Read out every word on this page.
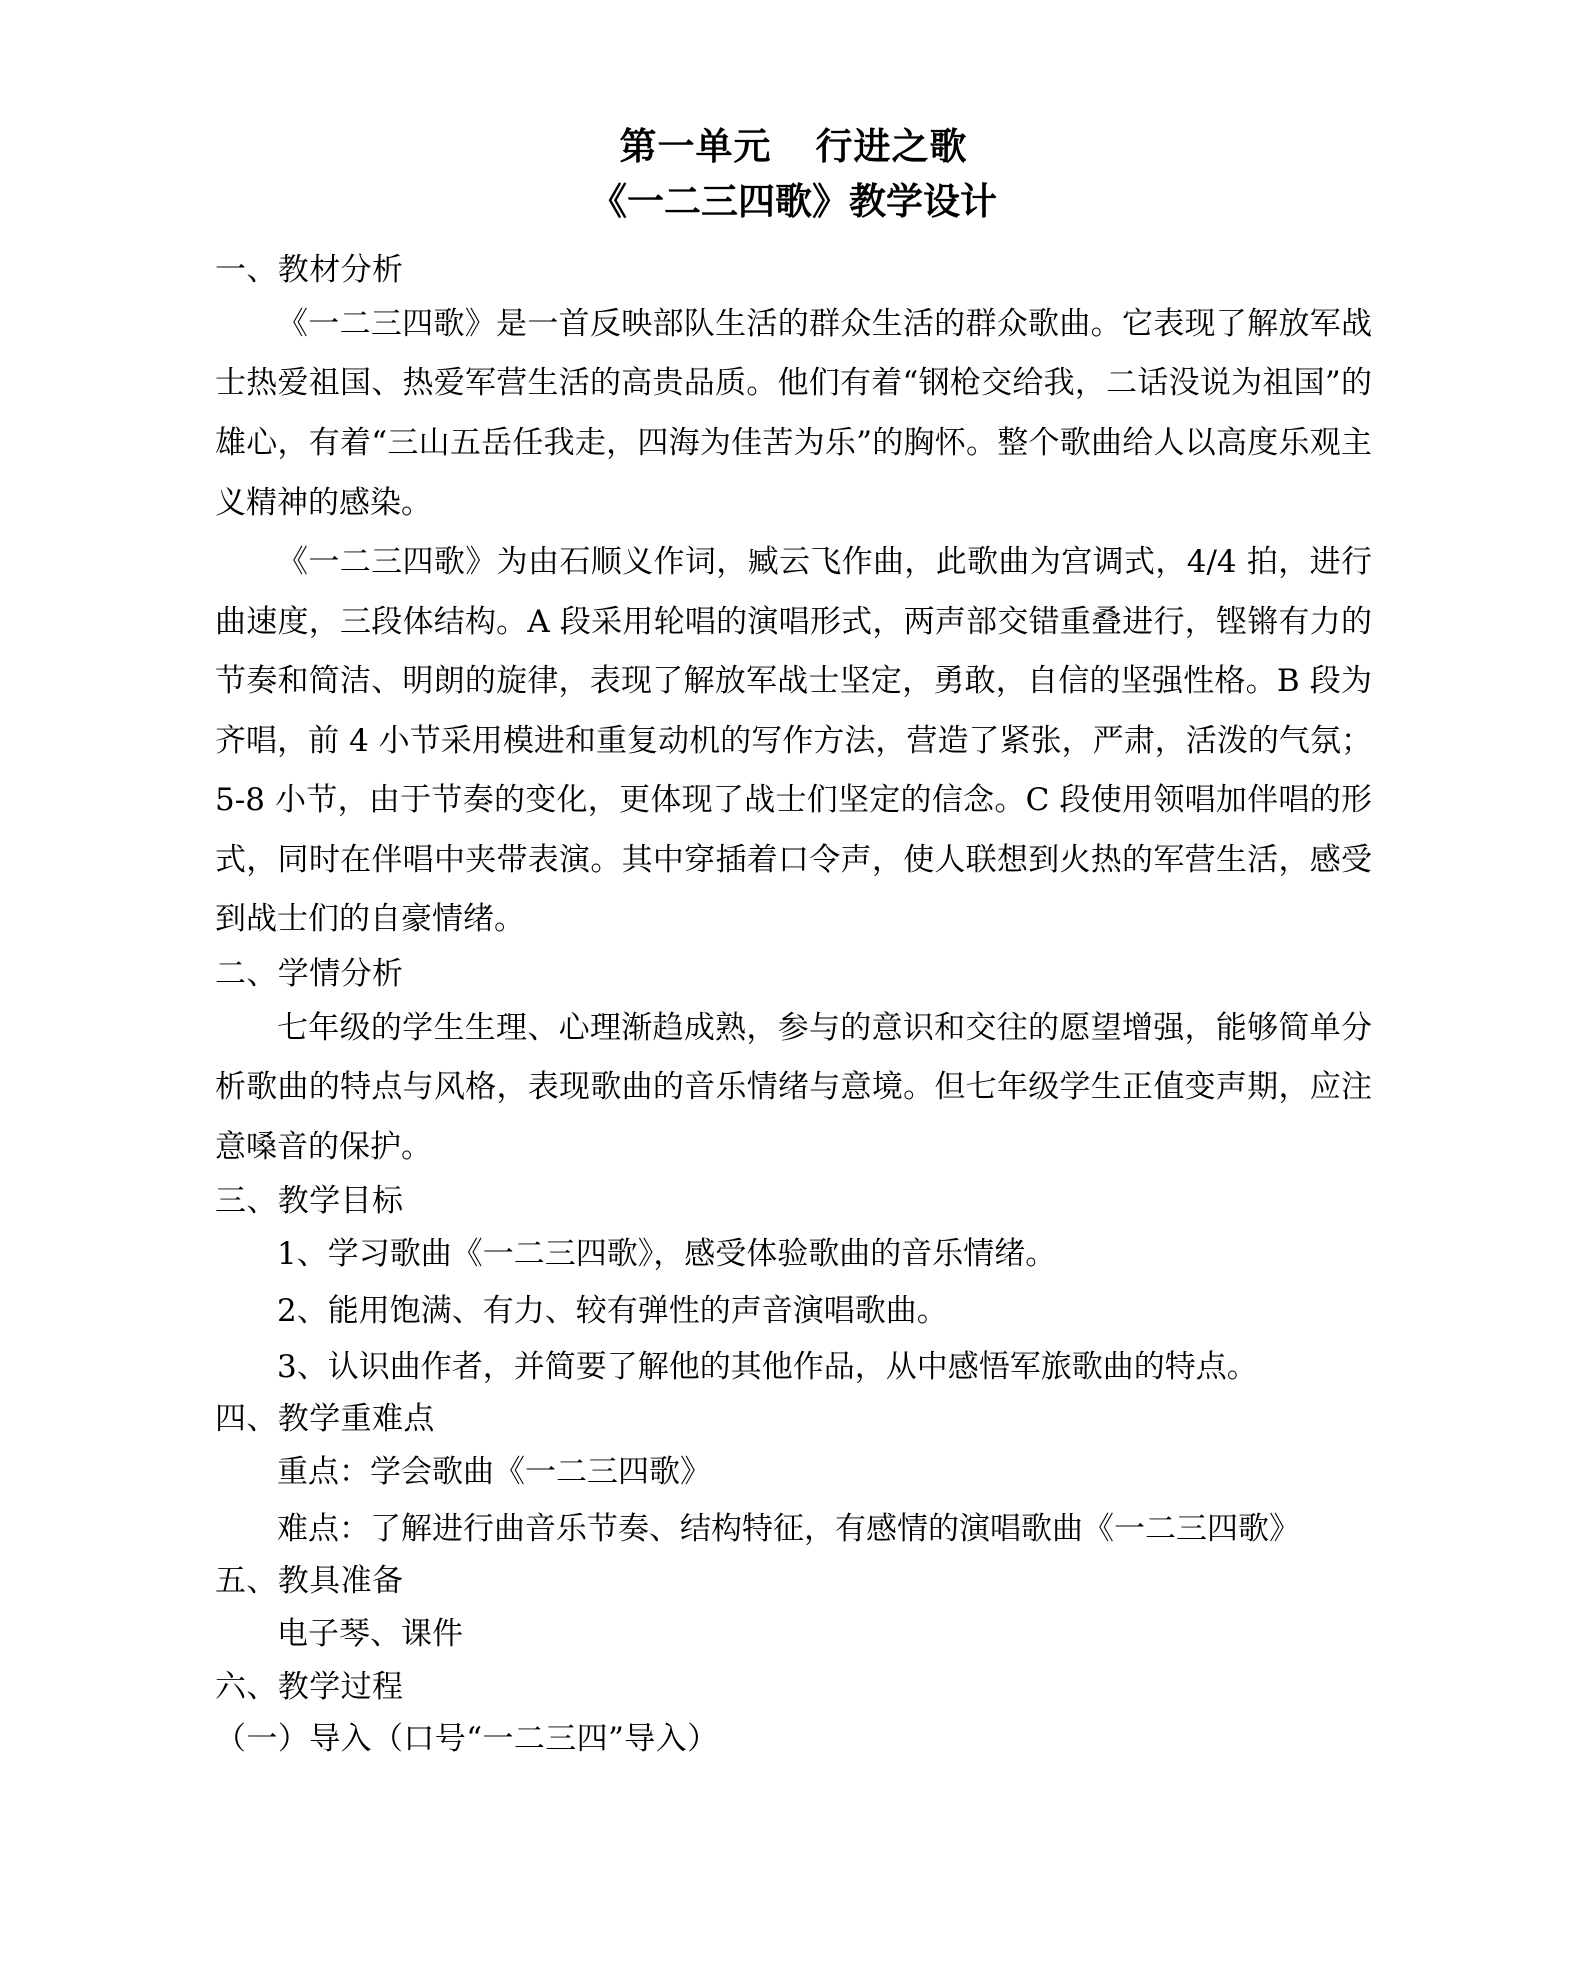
第一单元 行进之歌
《一二三四歌》教学设计
一、教材分析

《一二三四歌》是一首反映部队生活的群众生活的群众歌曲。它表现了解放军战士热爱祖国、热爱军营生活的高贵品质。他们有着“钢枪交给我，二话没说为祖国”的雄心，有着“三山五岳任我走，四海为佳苦为乐”的胸怀。整个歌曲给人以高度乐观主义精神的感染。

《一二三四歌》为由石顺义作词，臧云飞作曲，此歌曲为宫调式，4/4 拍，进行曲速度，三段体结构。A 段采用轮唱的演唱形式，两声部交错重叠进行，铿锵有力的节奏和简洁、明朗的旋律，表现了解放军战士坚定，勇敢，自信的坚强性格。B 段为齐唱，前 4 小节采用模进和重复动机的写作方法，营造了紧张，严肃，活泼的气氛；5-8 小节，由于节奏的变化，更体现了战士们坚定的信念。C 段使用领唱加伴唱的形式，同时在伴唱中夹带表演。其中穿插着口令声，使人联想到火热的军营生活，感受到战士们的自豪情绪。

二、学情分析

七年级的学生生理、心理渐趋成熟，参与的意识和交往的愿望增强，能够简单分析歌曲的特点与风格，表现歌曲的音乐情绪与意境。但七年级学生正值变声期，应注意嗓音的保护。

三、教学目标

1、学习歌曲《一二三四歌》，感受体验歌曲的音乐情绪。

2、能用饱满、有力、较有弹性的声音演唱歌曲。

3、认识曲作者，并简要了解他的其他作品，从中感悟军旅歌曲的特点。

四、教学重难点

重点：学会歌曲《一二三四歌》

难点：了解进行曲音乐节奏、结构特征，有感情的演唱歌曲《一二三四歌》

五、教具准备

电子琴、课件

六、教学过程

（一）导入（口号“一二三四”导入）
